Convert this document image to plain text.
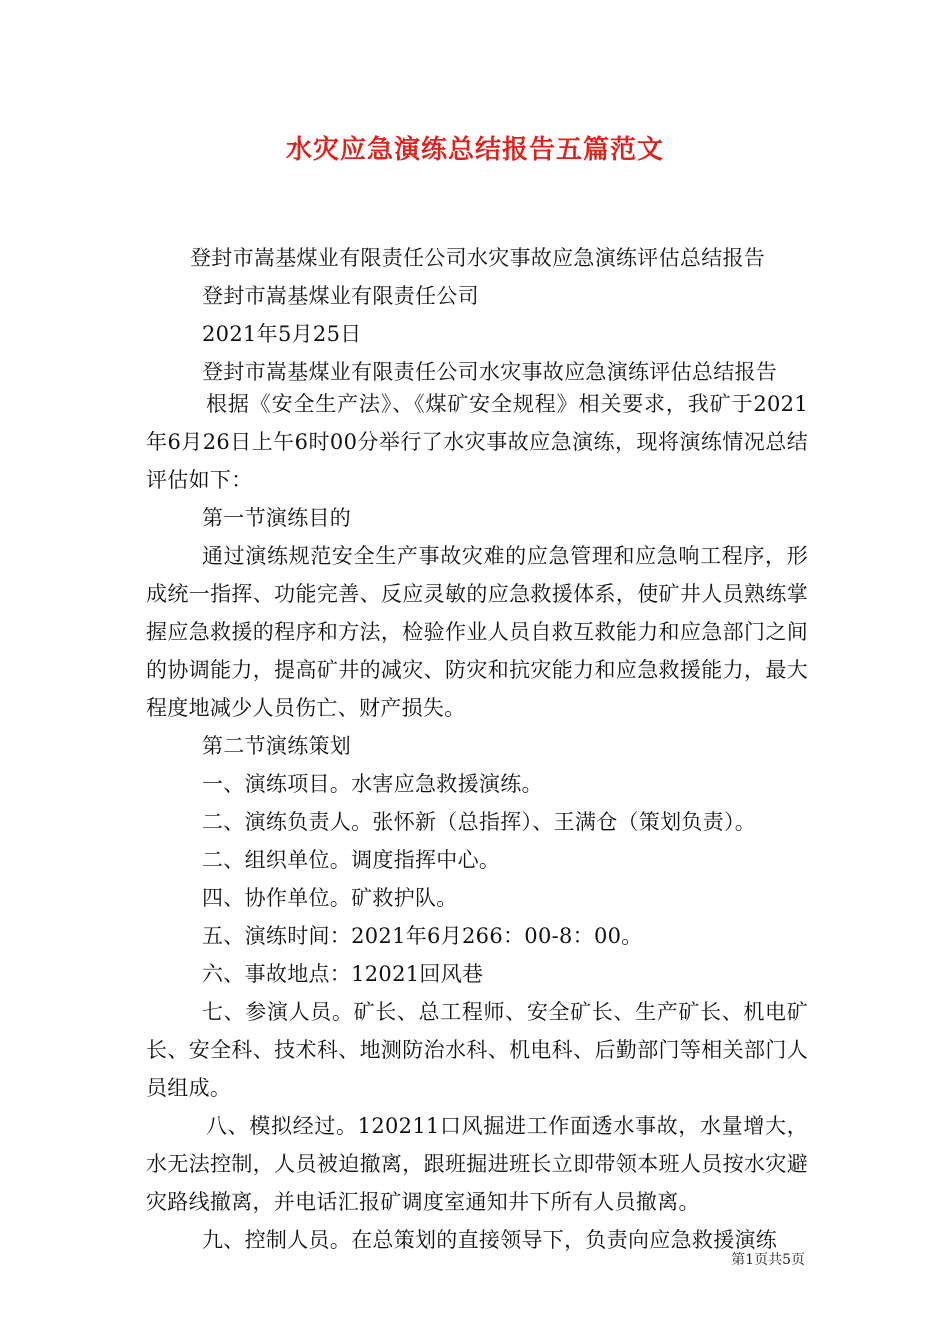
水灾应急演练总结报告五篇范文
登封市嵩基煤业有限责任公司水灾事故应急演练评估总结报告
登封市嵩基煤业有限责任公司
2021年5月25日
登封市嵩基煤业有限责任公司水灾事故应急演练评估总结报告
根据《安全生产法》、《煤矿安全规程》相关要求，我矿于2021年6月26日上午6时00分举行了水灾事故应急演练，现将演练情况总结评估如下：
第一节演练目的
通过演练规范安全生产事故灾难的应急管理和应急响工程序，形成统一指挥、功能完善、反应灵敏的应急救援体系，使矿井人员熟练掌握应急救援的程序和方法，检验作业人员自救互救能力和应急部门之间的协调能力，提高矿井的减灾、防灾和抗灾能力和应急救援能力，最大程度地减少人员伤亡、财产损失。
第二节演练策划
一、演练项目。水害应急救援演练。
二、演练负责人。张怀新（总指挥）、王满仓（策划负责）。
二、组织单位。调度指挥中心。
四、协作单位。矿救护队。
五、演练时间：2021年6月266：00-8：00。
六、事故地点：12021回风巷
七、参演人员。矿长、总工程师、安全矿长、生产矿长、机电矿长、安全科、技术科、地测防治水科、机电科、后勤部门等相关部门人员组成。
八、模拟经过。120211口风掘进工作面透水事故，水量增大，水无法控制，人员被迫撤离，跟班掘进班长立即带领本班人员按水灾避灾路线撤离，并电话汇报矿调度室通知井下所有人员撤离。
九、控制人员。在总策划的直接领导下，负责向应急救援演练
第1页共5页
